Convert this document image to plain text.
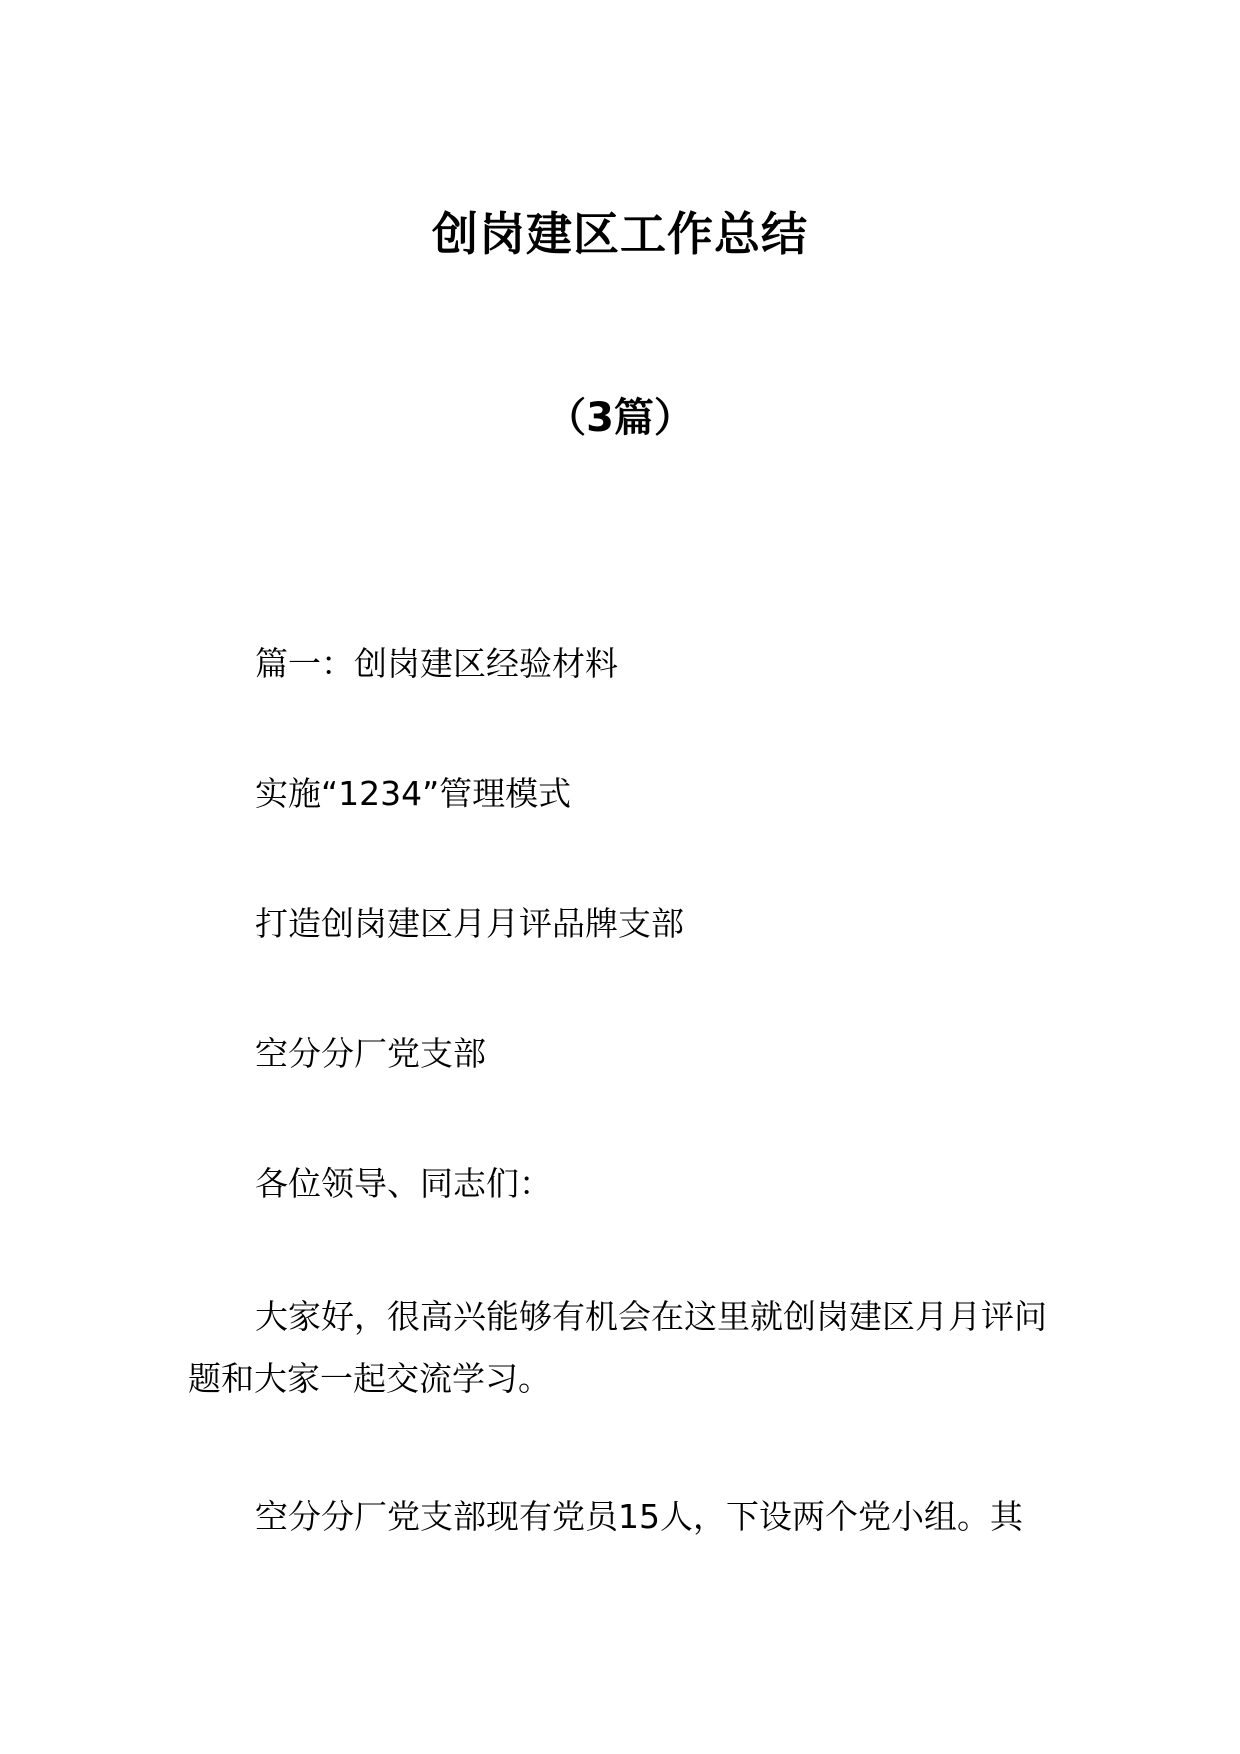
创岗建区工作总结
（3篇）
篇一：创岗建区经验材料
实施“1234”管理模式
打造创岗建区月月评品牌支部
空分分厂党支部
各位领导、同志们：
大家好，很高兴能够有机会在这里就创岗建区月月评问题和大家一起交流学习。
空分分厂党支部现有党员15人，下设两个党小组。其
